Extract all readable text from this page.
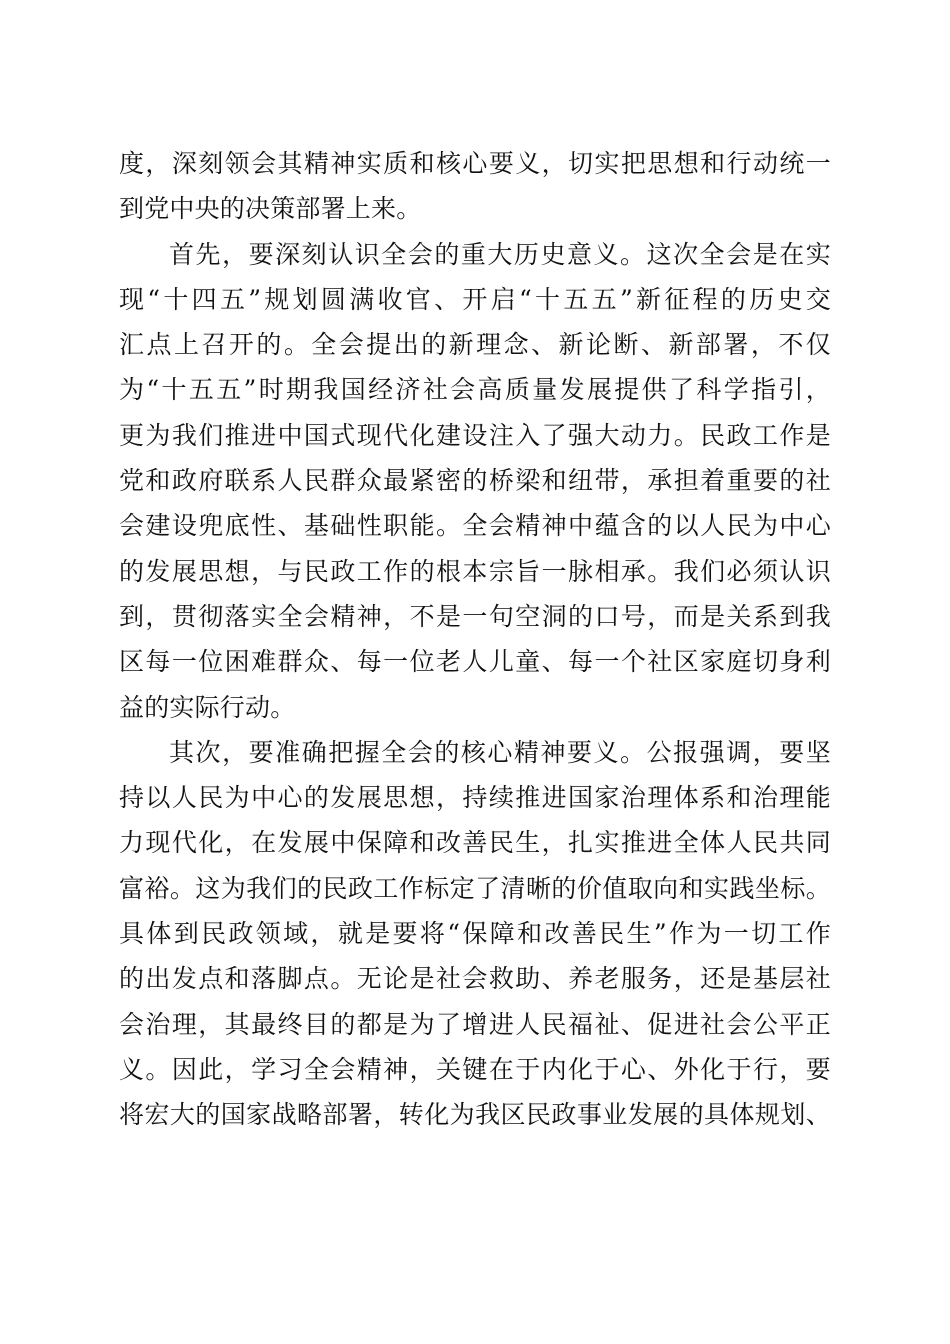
度，深刻领会其精神实质和核心要义，切实把思想和行动统一
到党中央的决策部署上来。
首先，要深刻认识全会的重大历史意义。这次全会是在实
现“十四五”规划圆满收官、开启“十五五”新征程的历史交
汇点上召开的。全会提出的新理念、新论断、新部署，不仅
为“十五五”时期我国经济社会高质量发展提供了科学指引，
更为我们推进中国式现代化建设注入了强大动力。民政工作是
党和政府联系人民群众最紧密的桥梁和纽带，承担着重要的社
会建设兜底性、基础性职能。全会精神中蕴含的以人民为中心
的发展思想，与民政工作的根本宗旨一脉相承。我们必须认识
到，贯彻落实全会精神，不是一句空洞的口号，而是关系到我
区每一位困难群众、每一位老人儿童、每一个社区家庭切身利
益的实际行动。
其次，要准确把握全会的核心精神要义。公报强调，要坚
持以人民为中心的发展思想，持续推进国家治理体系和治理能
力现代化，在发展中保障和改善民生，扎实推进全体人民共同
富裕。这为我们的民政工作标定了清晰的价值取向和实践坐标。
具体到民政领域，就是要将“保障和改善民生”作为一切工作
的出发点和落脚点。无论是社会救助、养老服务，还是基层社
会治理，其最终目的都是为了增进人民福祉、促进社会公平正
义。因此，学习全会精神，关键在于内化于心、外化于行，要
将宏大的国家战略部署，转化为我区民政事业发展的具体规划、
